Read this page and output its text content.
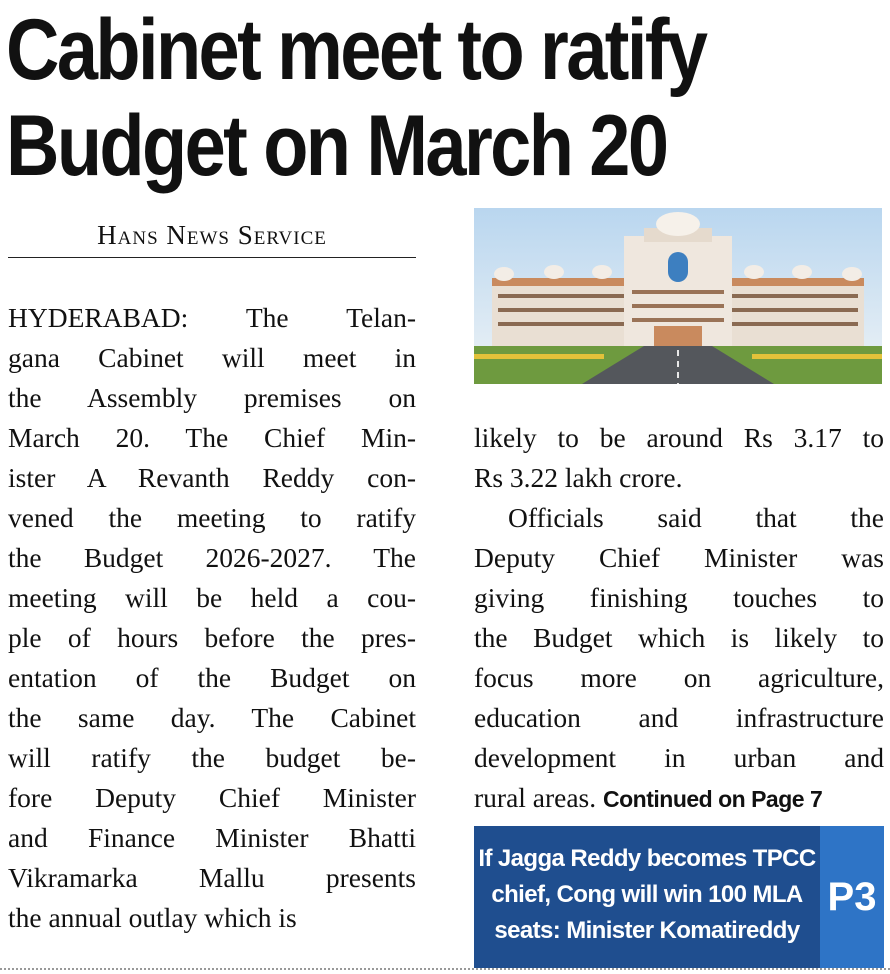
Cabinet meet to ratify
Budget on March 20
Hans News Service
HYDERABAD: The Telan-
gana Cabinet will meet in
the Assembly premises on
March 20. The Chief Min-
ister A Revanth Reddy con-
vened the meeting to ratify
the Budget 2026-2027. The
meeting will be held a cou-
ple of hours before the pres-
entation of the Budget on
the same day. The Cabinet
will ratify the budget be-
fore Deputy Chief Minister
and Finance Minister Bhatti
Vikramarka Mallu presents
the annual outlay which is
likely to be around Rs 3.17 to
Rs 3.22 lakh crore.
Officials said that the
Deputy Chief Minister was
giving finishing touches to
the Budget which is likely to
focus more on agriculture,
education and infrastructure
development in urban and
rural areas. Continued on Page 7
If Jagga Reddy becomes TPCC
chief, Cong will win 100 MLA
seats: Minister Komatireddy
P3
